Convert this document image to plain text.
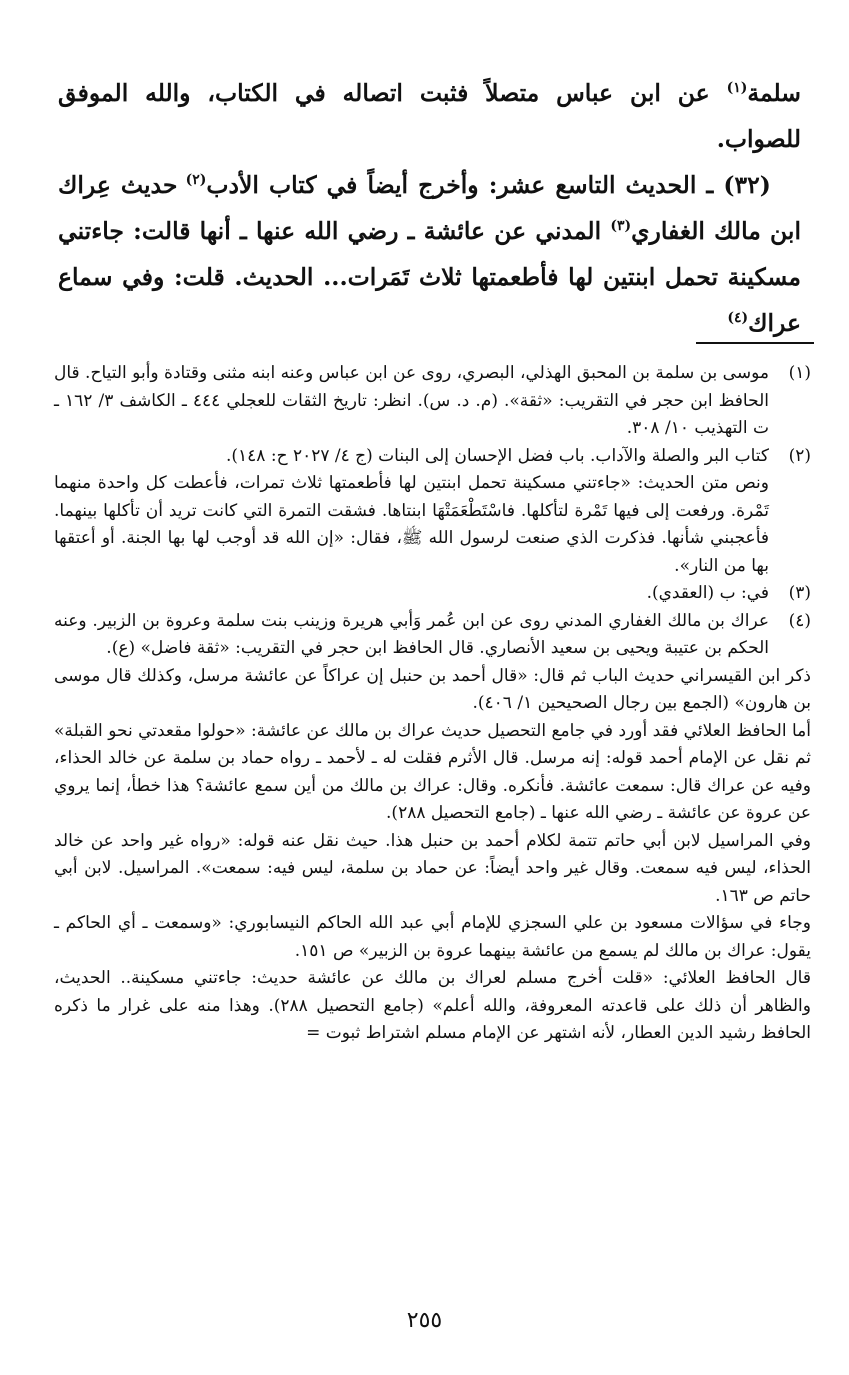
سلمة$^{(١)}$ عن ابن عباس متصلاً فثبت اتصاله في الكتاب، والله الموفق للصواب.

(٣٢) ـ الحديث التاسع عشر: وأخرج أيضاً في كتاب الأدب$^{(٢)}$ حديث عِراك ابن مالك الغفاري$^{(٣)}$ المدني عن عائشة ـ رضي الله عنها ـ أنها قالت: جاءتني مسكينة تحمل ابنتين لها فأطعمتها ثلاث تَمَرات... الحديث. قلت: وفي سماع عراك$^{(٤)}$

(١)

موسى بن سلمة بن المحبق الهذلي، البصري، روى عن ابن عباس وعنه ابنه مثنى وقتادة وأبو التياح. قال الحافظ ابن حجر في التقريب: «ثقة». (م. د. س). انظر: تاريخ الثقات للعجلي ٤٤٤ ـ الكاشف ٣/ ١٦٢ ـ ت التهذيب ١٠/ ٣٠٨.

(٢)

كتاب البر والصلة والآداب. باب فضل الإحسان إلى البنات (ج ٤/ ٢٠٢٧ ح: ١٤٨).

ونص متن الحديث: «جاءتني مسكينة تحمل ابنتين لها فأطعمتها ثلاث تمرات، فأعطت كل واحدة منهما تَمْرة. ورفعت إلى فيها تَمْرة لتأكلها. فاسْتَطْعَمَتْهَا ابنتاها. فشقت التمرة التي كانت تريد أن تأكلها بينهما. فأعجبني شأنها. فذكرت الذي صنعت لرسول الله ﷺ، فقال: «إن الله قد أوجب لها بها الجنة. أو أعتقها بها من النار».

(٣)

في: ب (العقدي).

(٤)

عراك بن مالك الغفاري المدني روى عن ابن عُمر وَأبي هريرة وزينب بنت سلمة وعروة بن الزبير. وعنه الحكم بن عتيبة ويحيى بن سعيد الأنصاري. قال الحافظ ابن حجر في التقريب: «ثقة فاضل» (ع).

ذكر ابن القيسراني حديث الباب ثم قال: «قال أحمد بن حنبل إن عراكاً عن عائشة مرسل، وكذلك قال موسى بن هارون» (الجمع بين رجال الصحيحين ١/ ٤٠٦).

أما الحافظ العلائي فقد أورد في جامع التحصيل حديث عراك بن مالك عن عائشة: «حولوا مقعدتي نحو القبلة» ثم نقل عن الإمام أحمد قوله: إنه مرسل. قال الأثرم فقلت له ـ لأحمد ـ رواه حماد بن سلمة عن خالد الحذاء، وفيه عن عراك قال: سمعت عائشة. فأنكره. وقال: عراك بن مالك من أين سمع عائشة؟ هذا خطأ، إنما يروي عن عروة عن عائشة ـ رضي الله عنها ـ (جامع التحصيل ٢٨٨).

وفي المراسيل لابن أبي حاتم تتمة لكلام أحمد بن حنبل هذا. حيث نقل عنه قوله: «رواه غير واحد عن خالد الحذاء، ليس فيه سمعت. وقال غير واحد أيضاً: عن حماد بن سلمة، ليس فيه: سمعت». المراسيل. لابن أبي حاتم ص ١٦٣.

وجاء في سؤالات مسعود بن علي السجزي للإمام أبي عبد الله الحاكم النيسابوري: «وسمعت ـ أي الحاكم ـ يقول: عراك بن مالك لم يسمع من عائشة بينهما عروة بن الزبير» ص ١٥١.

قال الحافظ العلائي: «قلت أخرج مسلم لعراك بن مالك عن عائشة حديث: جاءتني مسكينة.. الحديث، والظاهر أن ذلك على قاعدته المعروفة، والله أعلم» (جامع التحصيل ٢٨٨). وهذا منه على غرار ما ذكره الحافظ رشيد الدين العطار، لأنه اشتهر عن الإمام مسلم اشتراط ثبوت =

٢٥٥
